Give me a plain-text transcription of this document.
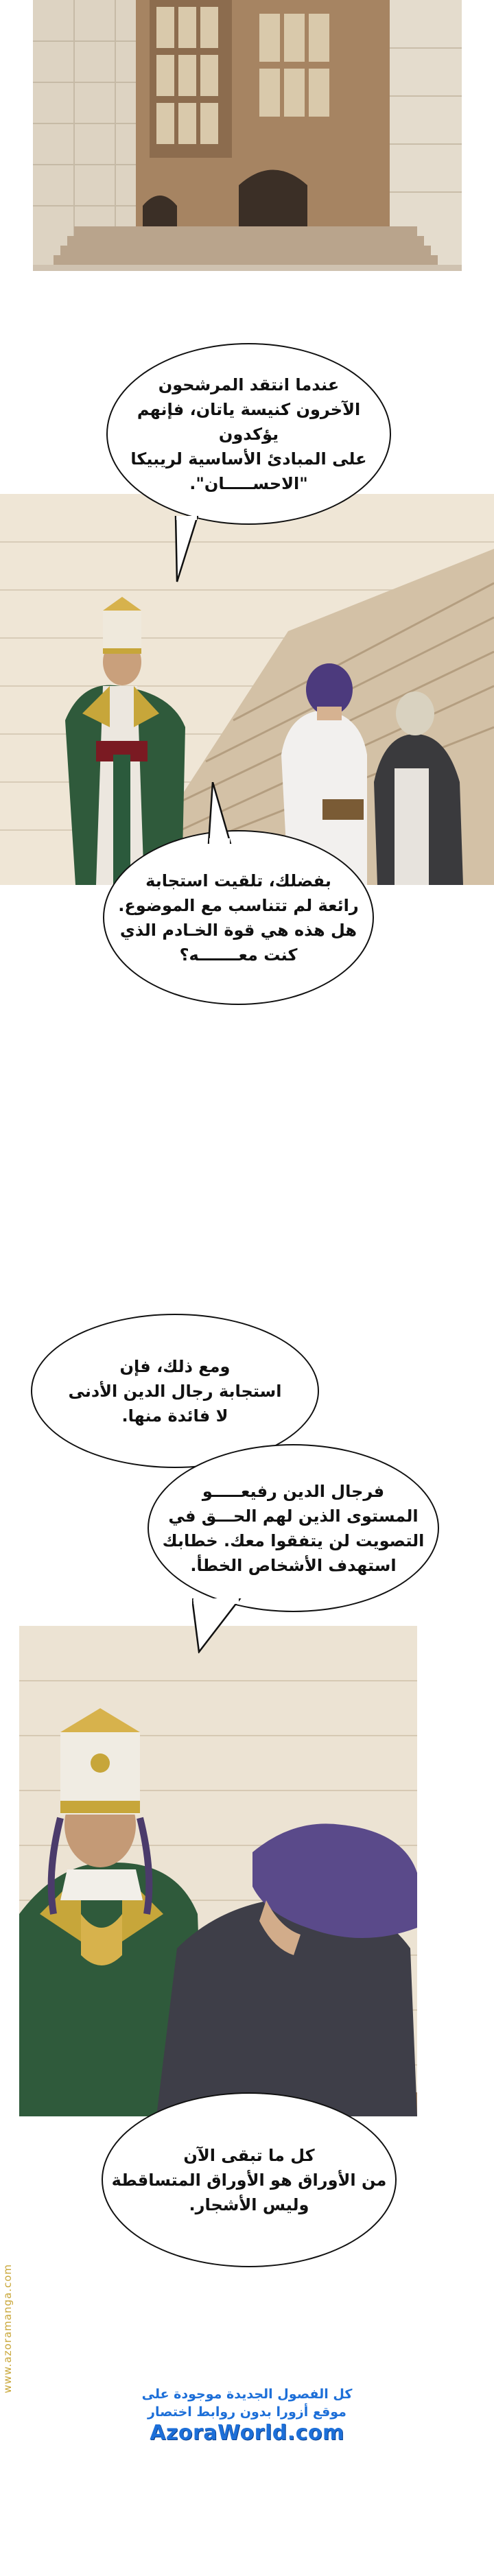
عندما انتقد المرشحون
الآخرون كنيسة ياتان، فإنهم يؤكدون
على المبادئ الأساسية لريبيكا
"الاحســـــان".
بفضلك، تلقيت استجابة
رائعة لم تتناسب مع الموضوع.
هل هذه هي قوة الخـادم الذي
كنت معـــــــه؟
ومع ذلك، فإن
استجابة رجال الدين الأدنى
لا فائدة منها.
فرجال الدين رفيعـــــو
المستوى الذين لهم الحـــق في
التصويت لن يتفقوا معك. خطابك
استهدف الأشخاص الخطأ.
كل ما تبقى الآن
من الأوراق هو الأوراق المتساقطة
وليس الأشجار.
كل الفصول الجديدة موجودة على
موقع أزورا بدون روابط اختصار
AzoraWorld.com
www.azoramanga.com
